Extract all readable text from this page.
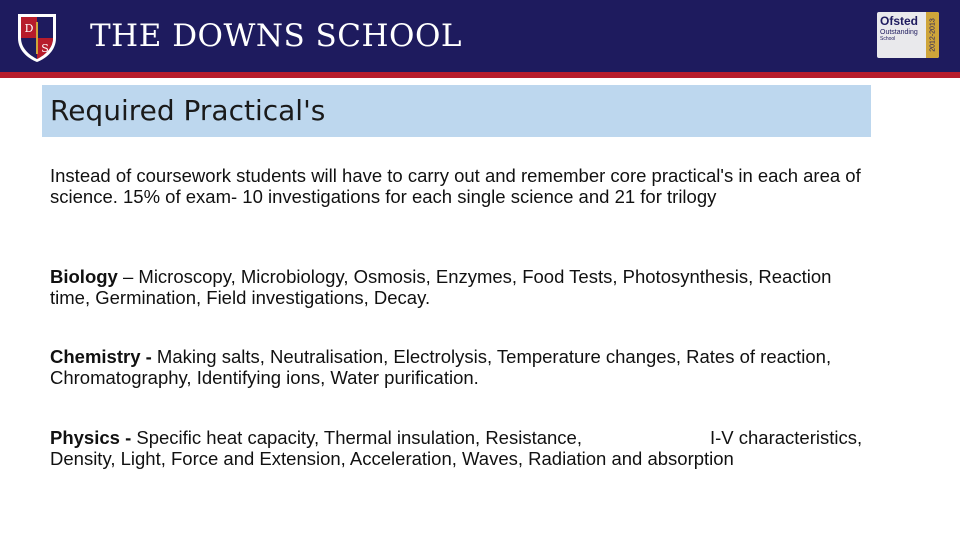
D
S THE DOWNS SCHOOL	Ofsted
Outstanding
School	2012-2013
Required Practical's

Instead of coursework students will have to carry out and remember core practical's in each area of science. 15% of exam- 10 investigations for each single science and 21 for trilogy

Biology – Microscopy, Microbiology, Osmosis, Enzymes, Food Tests, Photosynthesis, Reaction time, Germination, Field investigations, Decay.

Chemistry - Making salts, Neutralisation, Electrolysis, Temperature changes, Rates of reaction, Chromatography, Identifying ions, Water purification.

Physics - Specific heat capacity, Thermal insulation, Resistance,	I-V characteristics, Density, Light, Force and Extension, Acceleration, Waves, Radiation and absorption
